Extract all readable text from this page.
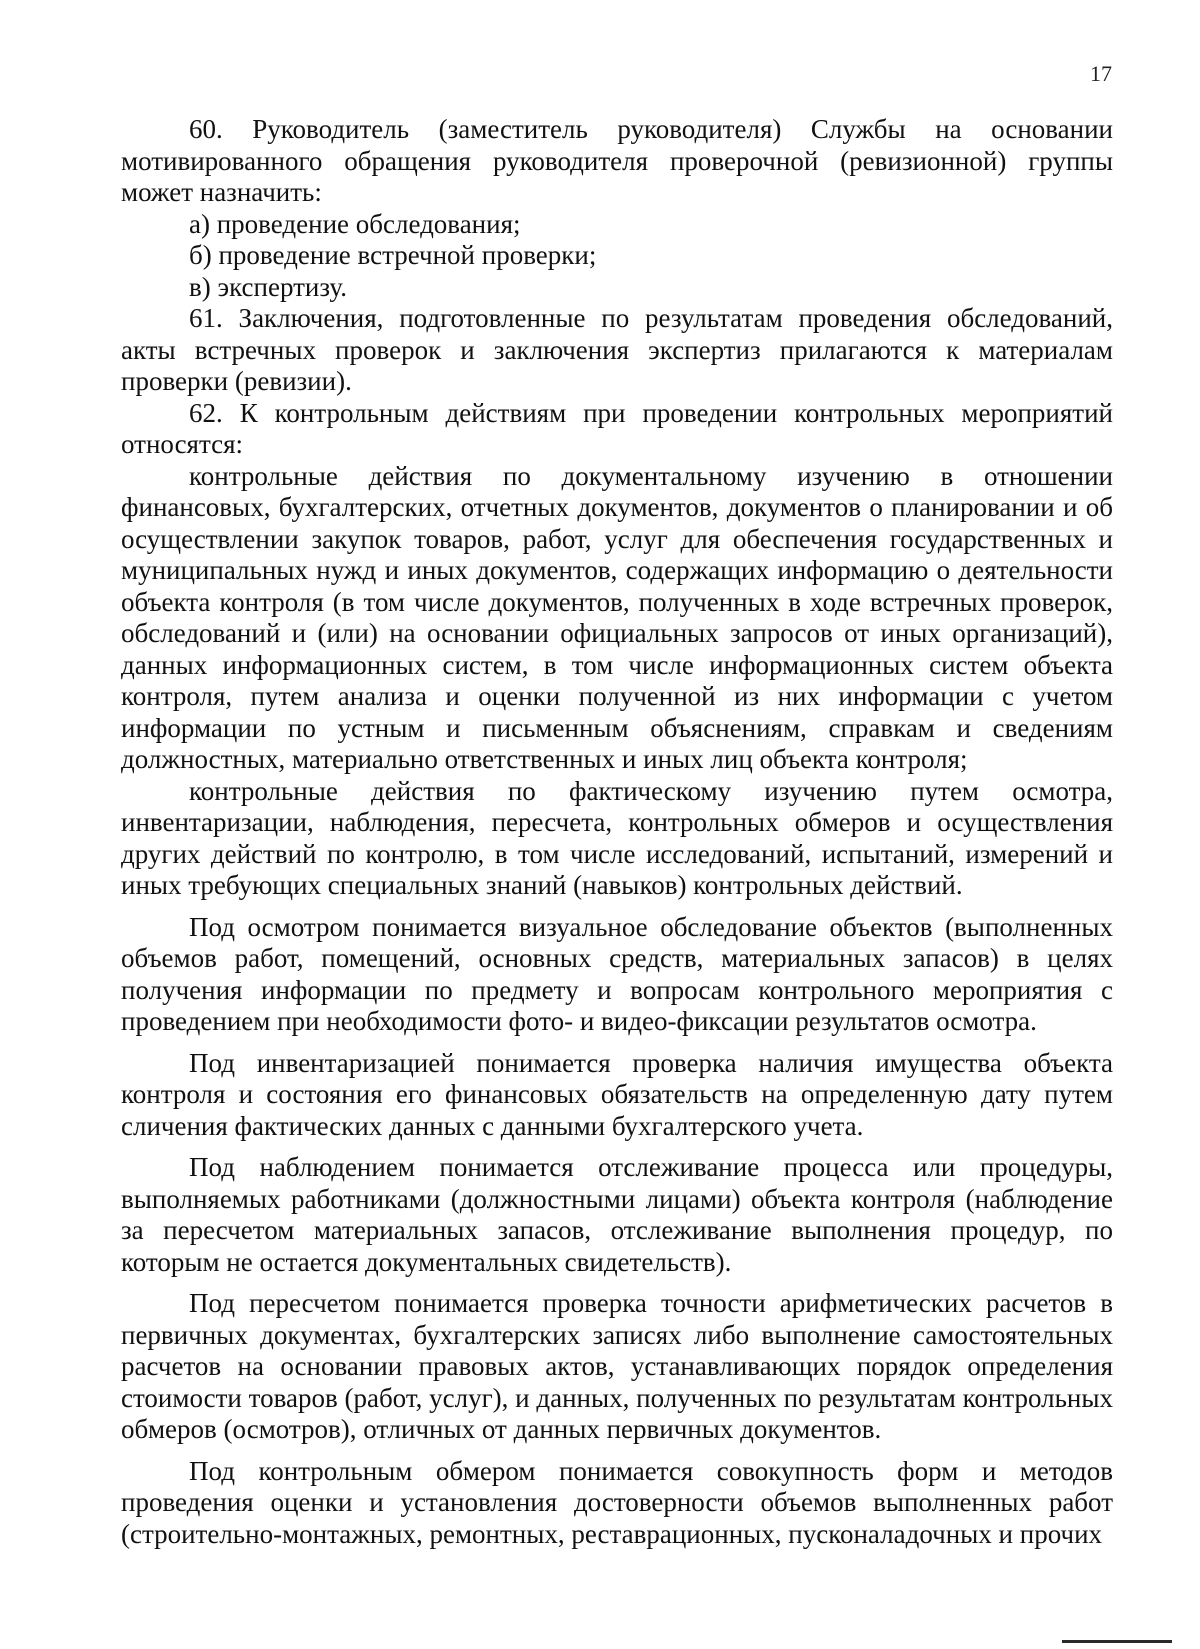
17

60. Руководитель (заместитель руководителя) Службы на основании мотивированного обращения руководителя проверочной (ревизионной) группы может назначить:

а) проведение обследования;

б) проведение встречной проверки;

в) экспертизу.

61. Заключения, подготовленные по результатам проведения обследований, акты встречных проверок и заключения экспертиз прилагаются к материалам проверки (ревизии).

62. К контрольным действиям при проведении контрольных мероприятий относятся:

контрольные действия по документальному изучению в отношении финансовых, бухгалтерских, отчетных документов, документов о планировании и об осуществлении закупок товаров, работ, услуг для обеспечения государственных и муниципальных нужд и иных документов, содержащих информацию о деятельности объекта контроля (в том числе документов, полученных в ходе встречных проверок, обследований и (или) на основании официальных запросов от иных организаций), данных информационных систем, в том числе информационных систем объекта контроля, путем анализа и оценки полученной из них информации с учетом информации по устным и письменным объяснениям, справкам и сведениям должностных, материально ответственных и иных лиц объекта контроля;

контрольные действия по фактическому изучению путем осмотра, инвентаризации, наблюдения, пересчета, контрольных обмеров и осуществления других действий по контролю, в том числе исследований, испытаний, измерений и иных требующих специальных знаний (навыков) контрольных действий.

Под осмотром понимается визуальное обследование объектов (выполненных объемов работ, помещений, основных средств, материальных запасов) в целях получения информации по предмету и вопросам контрольного мероприятия с проведением при необходимости фото- и видео-фиксации результатов осмотра.

Под инвентаризацией понимается проверка наличия имущества объекта контроля и состояния его финансовых обязательств на определенную дату путем сличения фактических данных с данными бухгалтерского учета.

Под наблюдением понимается отслеживание процесса или процедуры, выполняемых работниками (должностными лицами) объекта контроля (наблюдение за пересчетом материальных запасов, отслеживание выполнения процедур, по которым не остается документальных свидетельств).

Под пересчетом понимается проверка точности арифметических расчетов в первичных документах, бухгалтерских записях либо выполнение самостоятельных расчетов на основании правовых актов, устанавливающих порядок определения стоимости товаров (работ, услуг), и данных, полученных по результатам контрольных обмеров (осмотров), отличных от данных первичных документов.

Под контрольным обмером понимается совокупность форм и методов проведения оценки и установления достоверности объемов выполненных работ (строительно-монтажных, ремонтных, реставрационных, пусконаладочных и прочих
